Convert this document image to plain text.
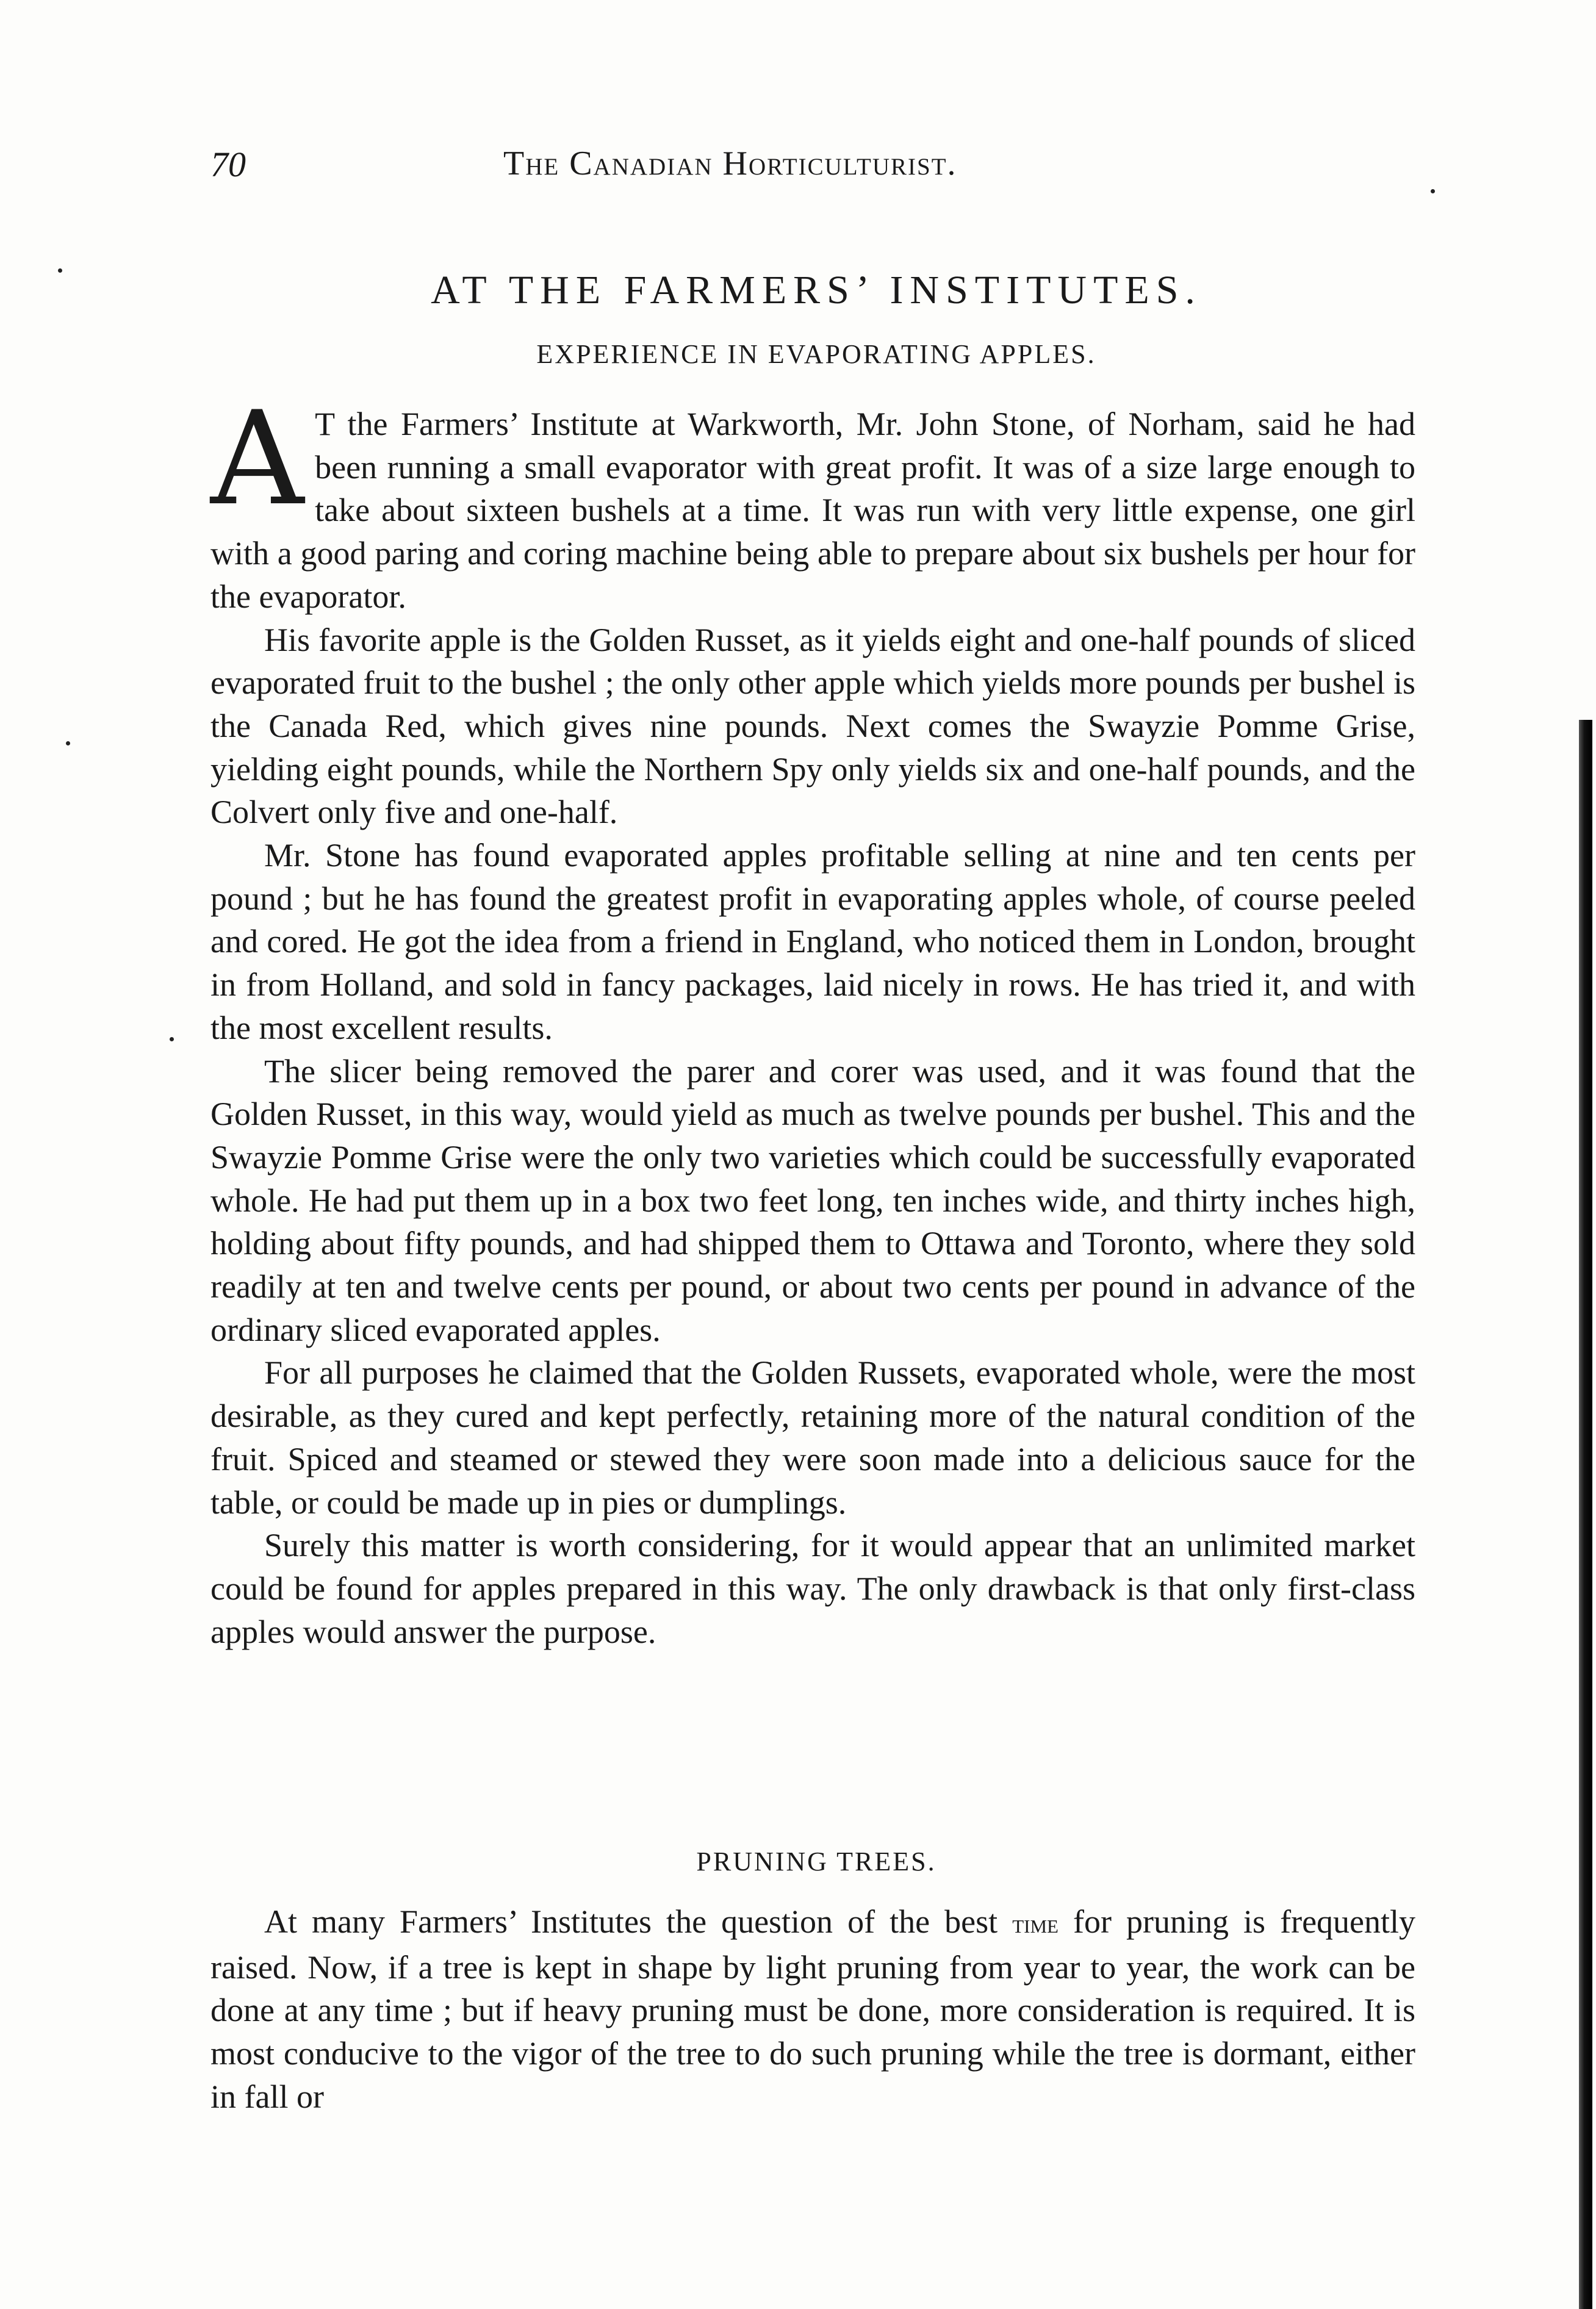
70	The Canadian Horticulturist.
AT THE FARMERS’ INSTITUTES.
EXPERIENCE IN EVAPORATING APPLES.

A T the Farmers’ Institute at Warkworth, Mr. John Stone, of Norham, said he had been running a small evaporator with great profit. It was of a size large enough to take about sixteen bushels at a time. It was run with very little expense, one girl with a good paring and coring machine being able to prepare about six bushels per hour for the evaporator.

His favorite apple is the Golden Russet, as it yields eight and one-half pounds of sliced evaporated fruit to the bushel ; the only other apple which yields more pounds per bushel is the Canada Red, which gives nine pounds. Next comes the Swayzie Pomme Grise, yielding eight pounds, while the Northern Spy only yields six and one-half pounds, and the Colvert only five and one-half.

Mr. Stone has found evaporated apples profitable selling at nine and ten cents per pound ; but he has found the greatest profit in evaporating apples whole, of course peeled and cored. He got the idea from a friend in England, who noticed them in London, brought in from Holland, and sold in fancy packages, laid nicely in rows. He has tried it, and with the most excellent results.

The slicer being removed the parer and corer was used, and it was found that the Golden Russet, in this way, would yield as much as twelve pounds per bushel. This and the Swayzie Pomme Grise were the only two varieties which could be successfully evaporated whole. He had put them up in a box two feet long, ten inches wide, and thirty inches high, holding about fifty pounds, and had shipped them to Ottawa and Toronto, where they sold readily at ten and twelve cents per pound, or about two cents per pound in advance of the ordinary sliced evaporated apples.

For all purposes he claimed that the Golden Russets, evaporated whole, were the most desirable, as they cured and kept perfectly, retaining more of the natural condition of the fruit. Spiced and steamed or stewed they were soon made into a delicious sauce for the table, or could be made up in pies or dumplings.

Surely this matter is worth considering, for it would appear that an unlimited market could be found for apples prepared in this way. The only drawback is that only first-class apples would answer the purpose.

PRUNING TREES.

At many Farmers’ Institutes the question of the best time for pruning is frequently raised. Now, if a tree is kept in shape by light pruning from year to year, the work can be done at any time ; but if heavy pruning must be done, more consideration is required. It is most conducive to the vigor of the tree to do such pruning while the tree is dormant, either in fall or
